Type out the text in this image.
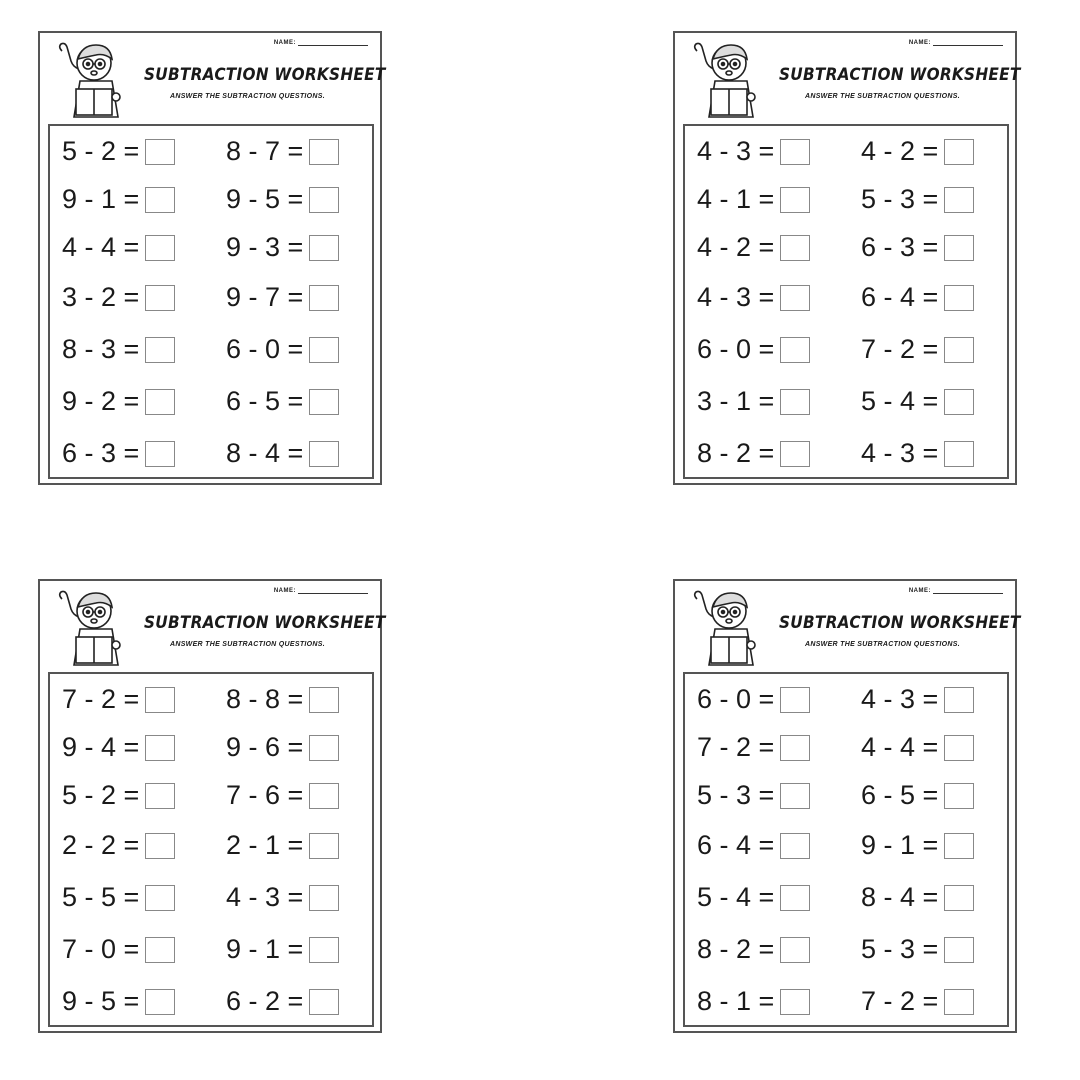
NAME:
SUBTRACTION WORKSHEET
ANSWER THE SUBTRACTION QUESTIONS.
5 - 2 =
9 - 1 =
4 - 4 =
3 - 2 =
8 - 3 =
9 - 2 =
6 - 3 =
8 - 7 =
9 - 5 =
9 - 3 =
9 - 7 =
6 - 0 =
6 - 5 =
8 - 4 =
NAME:
SUBTRACTION WORKSHEET
ANSWER THE SUBTRACTION QUESTIONS.
4 - 3 =
4 - 1 =
4 - 2 =
4 - 3 =
6 - 0 =
3 - 1 =
8 - 2 =
4 - 2 =
5 - 3 =
6 - 3 =
6 - 4 =
7 - 2 =
5 - 4 =
4 - 3 =
NAME:
SUBTRACTION WORKSHEET
ANSWER THE SUBTRACTION QUESTIONS.
7 - 2 =
9 - 4 =
5 - 2 =
2 - 2 =
5 - 5 =
7 - 0 =
9 - 5 =
8 - 8 =
9 - 6 =
7 - 6 =
2 - 1 =
4 - 3 =
9 - 1 =
6 - 2 =
NAME:
SUBTRACTION WORKSHEET
ANSWER THE SUBTRACTION QUESTIONS.
6 - 0 =
7 - 2 =
5 - 3 =
6 - 4 =
5 - 4 =
8 - 2 =
8 - 1 =
4 - 3 =
4 - 4 =
6 - 5 =
9 - 1 =
8 - 4 =
5 - 3 =
7 - 2 =
